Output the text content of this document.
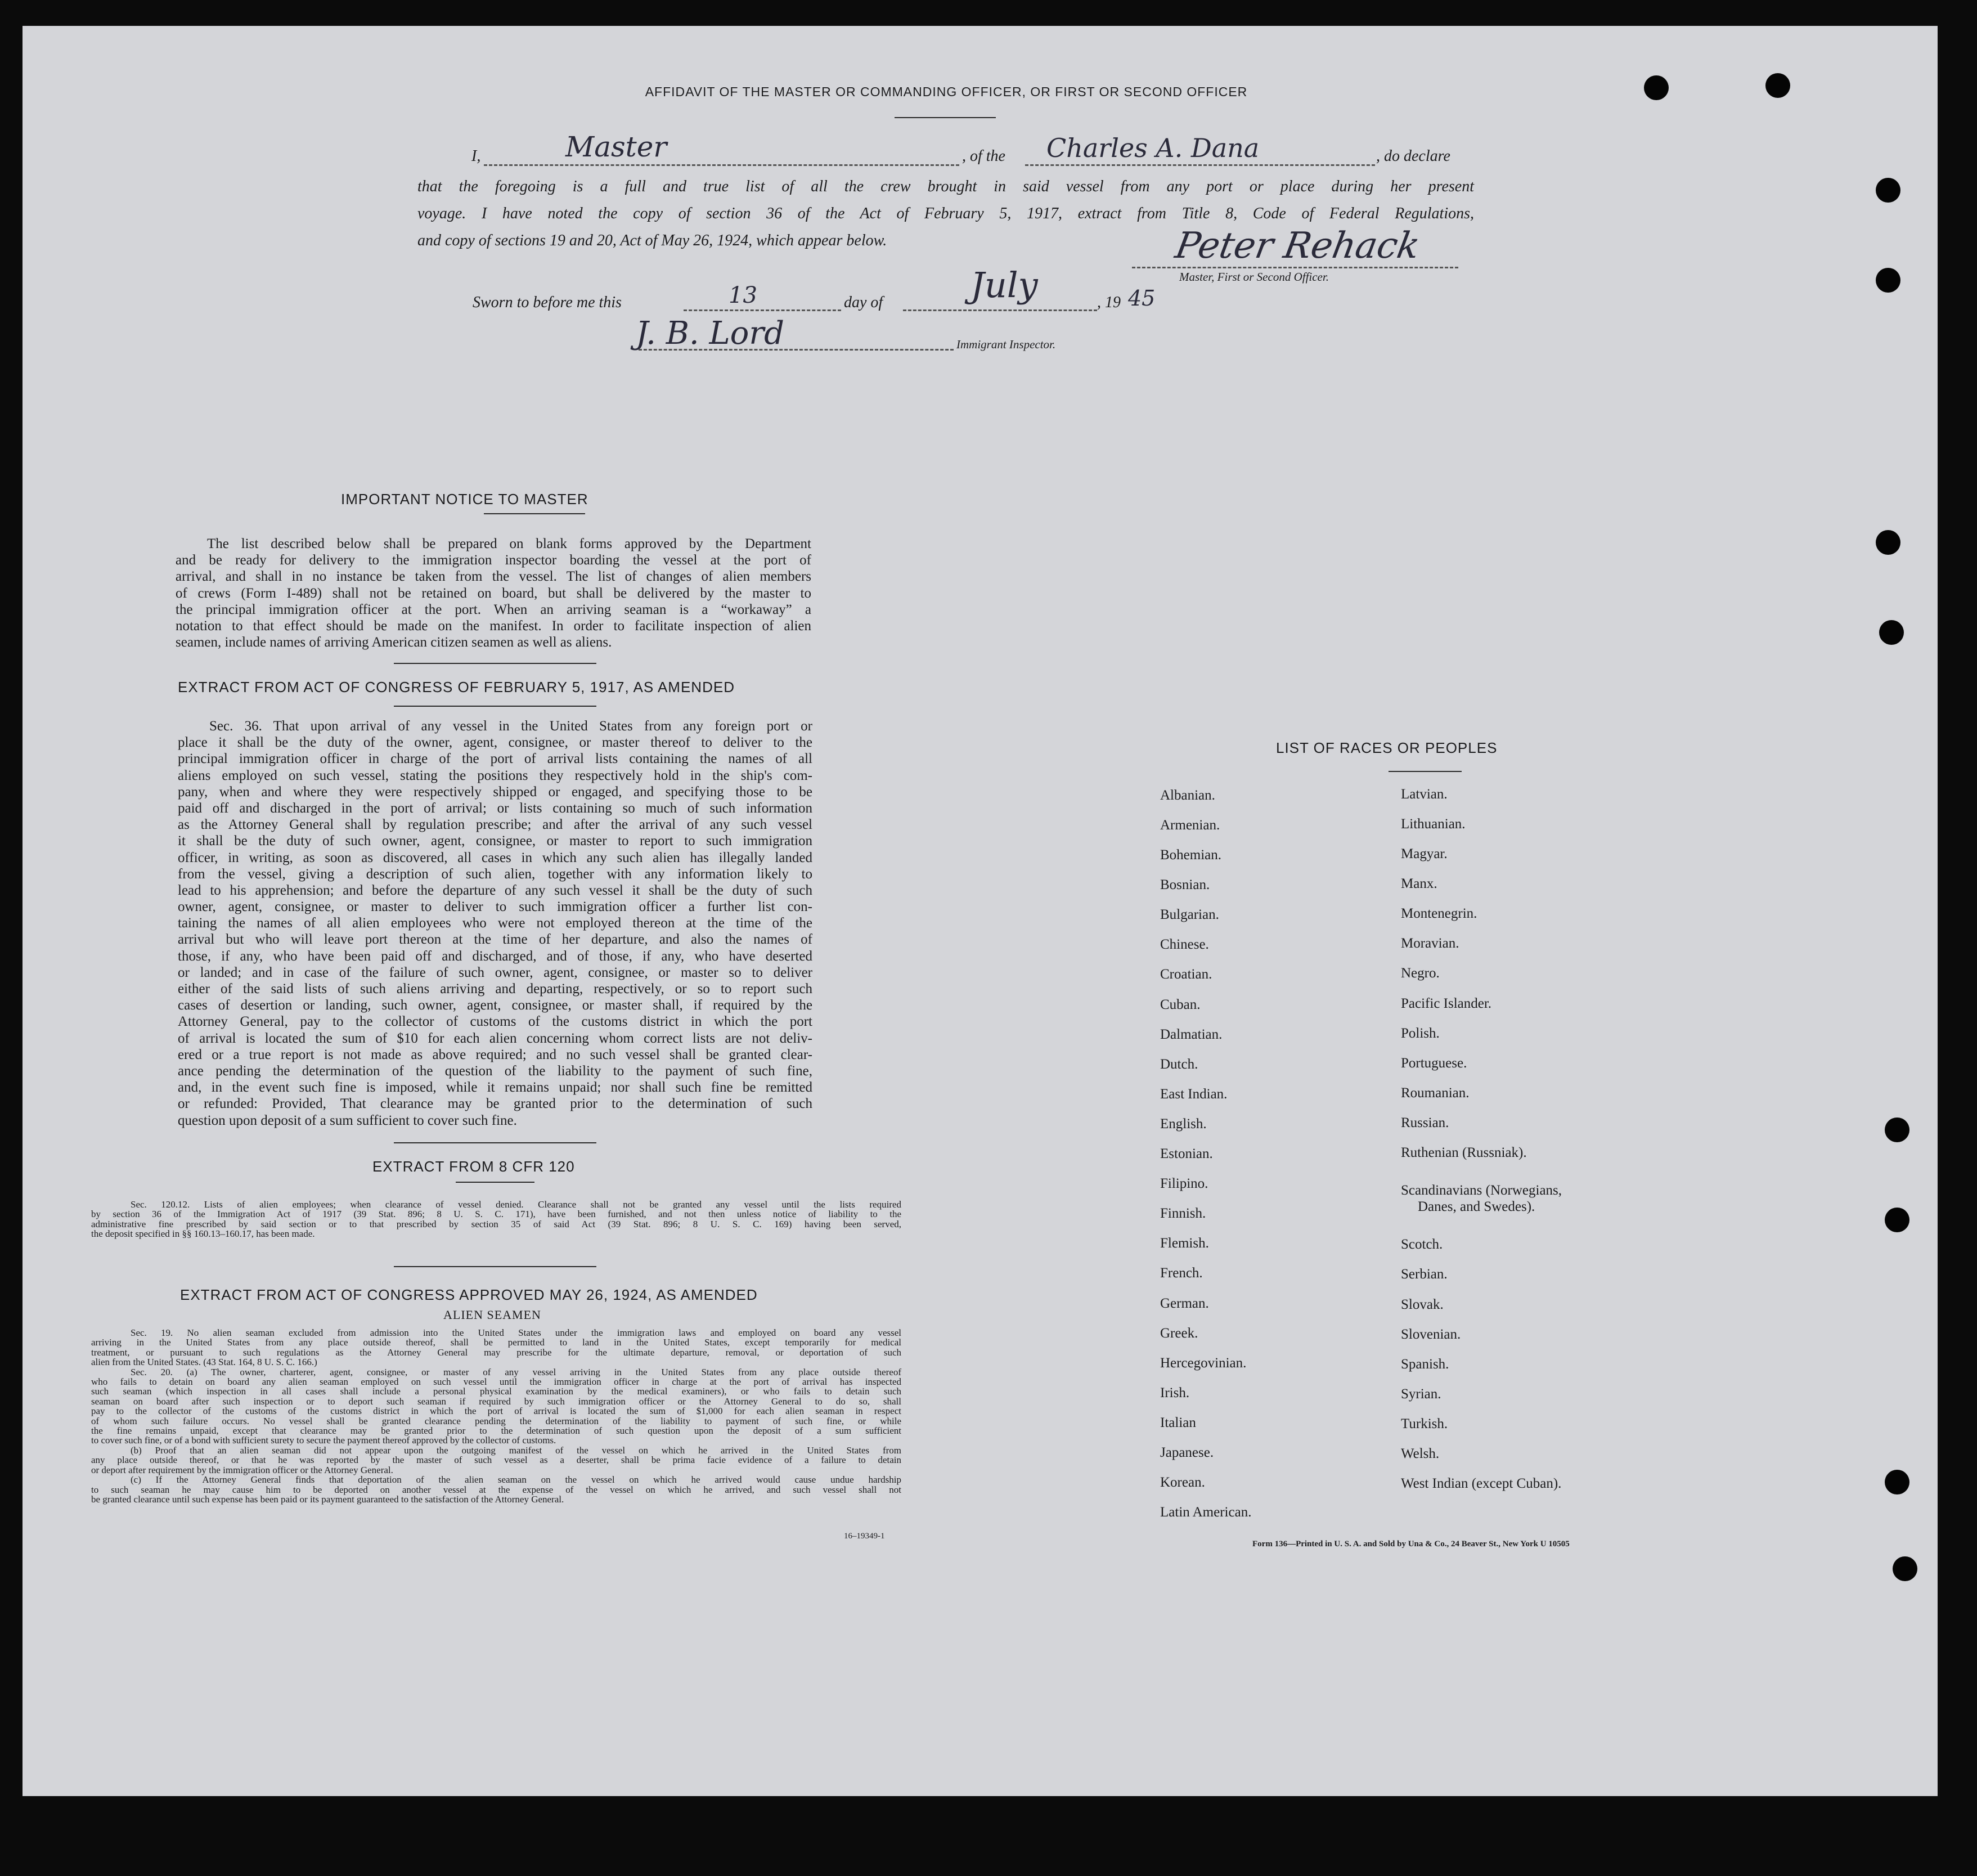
AFFIDAVIT OF THE MASTER OR COMMANDING OFFICER, OR FIRST OR SECOND OFFICER
I,	Master	, of the Charles A. Dana	, do declare
that the foregoing is a full and true list of all the crew brought in said vessel from any port or place during her present
voyage. I have noted the copy of section 36 of the Act of February 5, 1917, extract from Title 8, Code of Federal Regulations,
and copy of sections 19 and 20, Act of May 26, 1924, which appear below.	Peter Rehack
Master, First or Second Officer.
Sworn to before me this	13	day of	July	, 19 45
J. B. Lord	Immigrant Inspector.
IMPORTANT NOTICE TO MASTER
The list described below shall be prepared on blank forms approved by the Department
and be ready for delivery to the immigration inspector boarding the vessel at the port of
arrival, and shall in no instance be taken from the vessel. The list of changes of alien members
of crews (Form I-489) shall not be retained on board, but shall be delivered by the master to
the principal immigration officer at the port. When an arriving seaman is a “workaway” a
notation to that effect should be made on the manifest. In order to facilitate inspection of alien
seamen, include names of arriving American citizen seamen as well as aliens.
EXTRACT FROM ACT OF CONGRESS OF FEBRUARY 5, 1917, AS AMENDED
Sec. 36. That upon arrival of any vessel in the United States from any foreign port or
place it shall be the duty of the owner, agent, consignee, or master thereof to deliver to the
principal immigration officer in charge of the port of arrival lists containing the names of all
aliens employed on such vessel, stating the positions they respectively hold in the ship's com-
pany, when and where they were respectively shipped or engaged, and specifying those to be
paid off and discharged in the port of arrival; or lists containing so much of such information
as the Attorney General shall by regulation prescribe; and after the arrival of any such vessel
it shall be the duty of such owner, agent, consignee, or master to report to such immigration
officer, in writing, as soon as discovered, all cases in which any such alien has illegally landed
from the vessel, giving a description of such alien, together with any information likely to
lead to his apprehension; and before the departure of any such vessel it shall be the duty of such
owner, agent, consignee, or master to deliver to such immigration officer a further list con-
taining the names of all alien employees who were not employed thereon at the time of the
arrival but who will leave port thereon at the time of her departure, and also the names of
those, if any, who have been paid off and discharged, and of those, if any, who have deserted
or landed; and in case of the failure of such owner, agent, consignee, or master so to deliver
either of the said lists of such aliens arriving and departing, respectively, or so to report such
cases of desertion or landing, such owner, agent, consignee, or master shall, if required by the
Attorney General, pay to the collector of customs of the customs district in which the port
of arrival is located the sum of $10 for each alien concerning whom correct lists are not deliv-
ered or a true report is not made as above required; and no such vessel shall be granted clear-
ance pending the determination of the question of the liability to the payment of such fine,
and, in the event such fine is imposed, while it remains unpaid; nor shall such fine be remitted
or refunded: Provided, That clearance may be granted prior to the determination of such
question upon deposit of a sum sufficient to cover such fine.
EXTRACT FROM 8 CFR 120
Sec. 120.12. Lists of alien employees; when clearance of vessel denied. Clearance shall not be granted any vessel until the lists required
by section 36 of the Immigration Act of 1917 (39 Stat. 896; 8 U. S. C. 171), have been furnished, and not then unless notice of liability to the
administrative fine prescribed by said section or to that prescribed by section 35 of said Act (39 Stat. 896; 8 U. S. C. 169) having been served,
the deposit specified in §§ 160.13–160.17, has been made.
EXTRACT FROM ACT OF CONGRESS APPROVED MAY 26, 1924, AS AMENDED
ALIEN SEAMEN
Sec. 19. No alien seaman excluded from admission into the United States under the immigration laws and employed on board any vessel
arriving in the United States from any place outside thereof, shall be permitted to land in the United States, except temporarily for medical
treatment, or pursuant to such regulations as the Attorney General may prescribe for the ultimate departure, removal, or deportation of such
alien from the United States. (43 Stat. 164, 8 U. S. C. 166.)
Sec. 20. (a) The owner, charterer, agent, consignee, or master of any vessel arriving in the United States from any place outside thereof
who fails to detain on board any alien seaman employed on such vessel until the immigration officer in charge at the port of arrival has inspected
such seaman (which inspection in all cases shall include a personal physical examination by the medical examiners), or who fails to detain such
seaman on board after such inspection or to deport such seaman if required by such immigration officer or the Attorney General to do so, shall
pay to the collector of the customs of the customs district in which the port of arrival is located the sum of $1,000 for each alien seaman in respect
of whom such failure occurs. No vessel shall be granted clearance pending the determination of the liability to payment of such fine, or while
the fine remains unpaid, except that clearance may be granted prior to the determination of such question upon the deposit of a sum sufficient
to cover such fine, or of a bond with sufficient surety to secure the payment thereof approved by the collector of customs.
(b) Proof that an alien seaman did not appear upon the outgoing manifest of the vessel on which he arrived in the United States from
any place outside thereof, or that he was reported by the master of such vessel as a deserter, shall be prima facie evidence of a failure to detain
or deport after requirement by the immigration officer or the Attorney General.
(c) If the Attorney General finds that deportation of the alien seaman on the vessel on which he arrived would cause undue hardship
to such seaman he may cause him to be deported on another vessel at the expense of the vessel on which he arrived, and such vessel shall not
be granted clearance until such expense has been paid or its payment guaranteed to the satisfaction of the Attorney General.
16–19349-1
LIST OF RACES OR PEOPLES
Albanian.
Armenian.
Bohemian.
Bosnian.
Bulgarian.
Chinese.
Croatian.
Cuban.
Dalmatian.
Dutch.
East Indian.
English.
Estonian.
Filipino.
Finnish.
Flemish.
French.
German.
Greek.
Hercegovinian.
Irish.
Italian
Japanese.
Korean.
Latin American.
Latvian.
Lithuanian.
Magyar.
Manx.
Montenegrin.
Moravian.
Negro.
Pacific Islander.
Polish.
Portuguese.
Roumanian.
Russian.
Ruthenian (Russniak).
Scandinavians (Norwegians,
Danes, and Swedes).
Scotch.
Serbian.
Slovak.
Slovenian.
Spanish.
Syrian.
Turkish.
Welsh.
West Indian (except Cuban).
Form 136—Printed in U. S. A. and Sold by Una & Co., 24 Beaver St., New York U 10505
